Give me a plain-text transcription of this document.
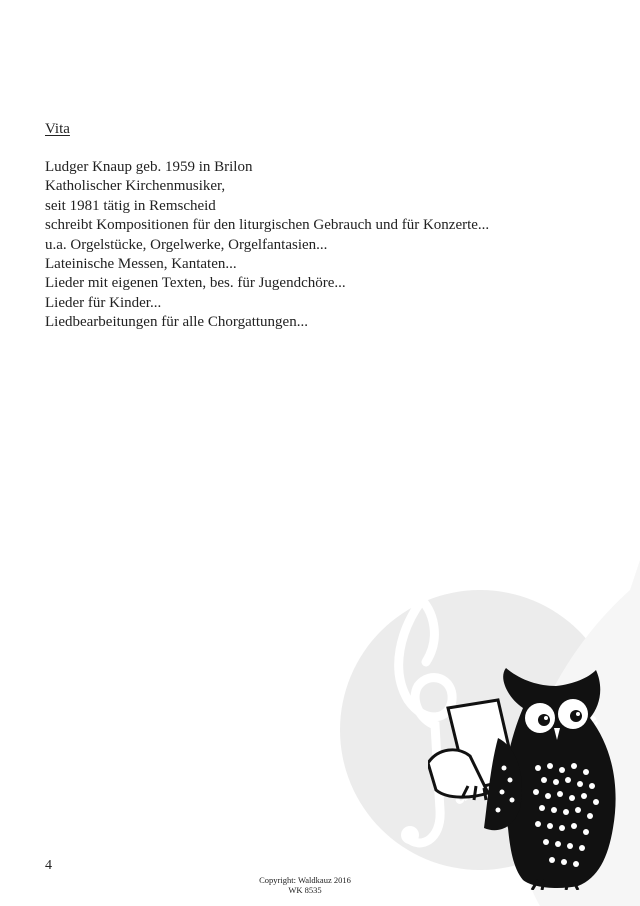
Vita
Ludger Knaup geb. 1959 in Brilon
Katholischer Kirchenmusiker,
seit 1981 tätig in Remscheid
schreibt Kompositionen für den liturgischen Gebrauch und für Konzerte...
u.a. Orgelstücke, Orgelwerke, Orgelfantasien...
Lateinische Messen, Kantaten...
Lieder mit eigenen Texten, bes. für Jugendchöre...
Lieder für Kinder...
Liedbearbeitungen für alle Chorgattungen...
4
Copyright: Waldkauz 2016
WK 8535
